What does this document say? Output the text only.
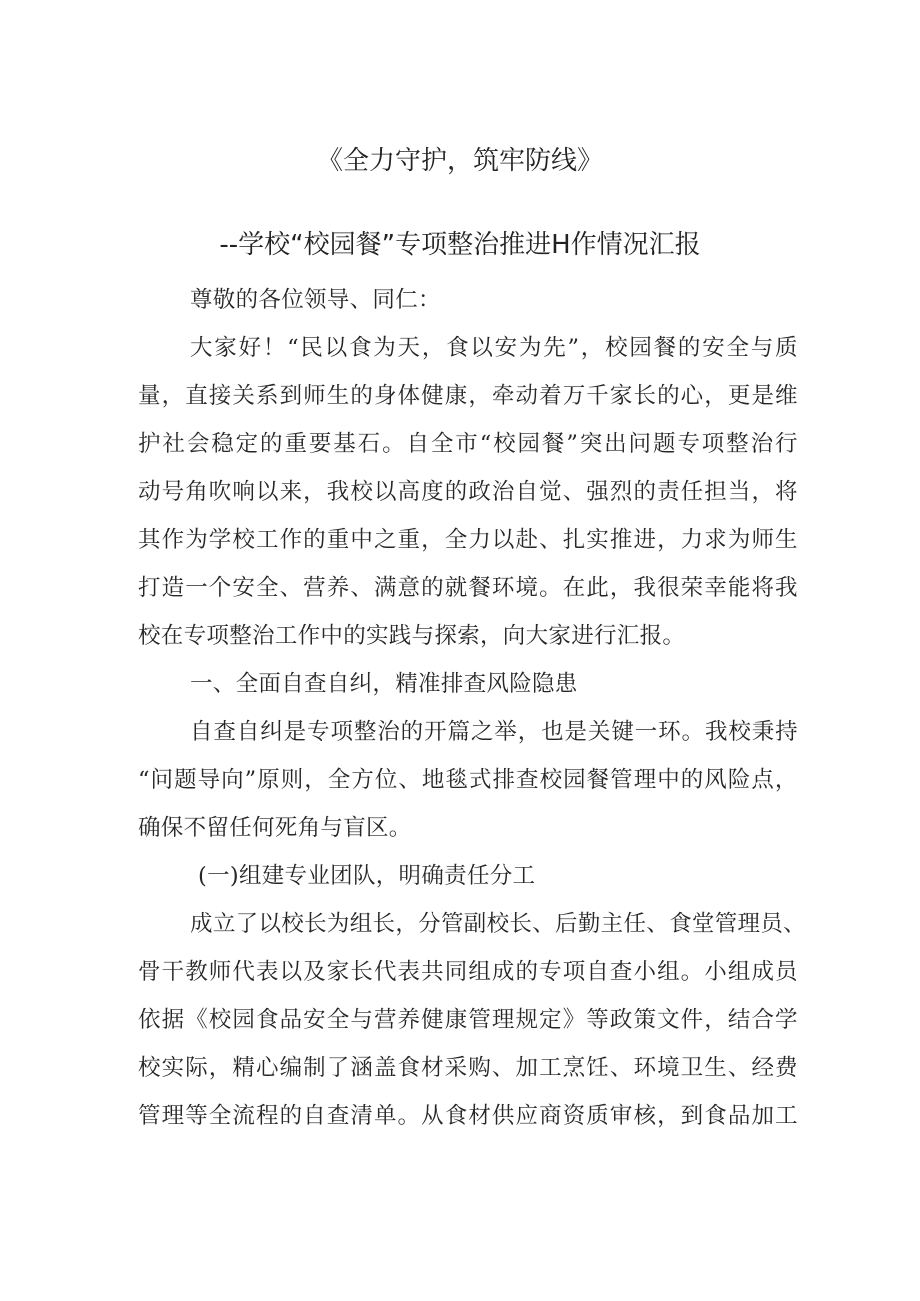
《全力守护，筑牢防线》
--学校“校园餐”专项整治推进H作情况汇报
尊敬的各位领导、同仁：
大 家 好 ！ “ 民 以 食 为 天 ， 食 以 安 为 先 ” ， 校 园 餐 的 安 全 与 质
量 ， 直 接 关 系 到 师 生 的 身 体 健 康 ， 牵 动 着 万 千 家 长 的 心 ， 更 是 维
护 社 会 稳 定 的 重 要 基 石 。 自 全 市 “ 校 园 餐 ” 突 出 问 题 专 项 整 治 行
动 号 角 吹 响 以 来 ， 我 校 以 高 度 的 政 治 自 觉 、 强 烈 的 责 任 担 当 ， 将
其 作 为 学 校 工 作 的 重 中 之 重 ， 全 力 以 赴 、 扎 实 推 进 ， 力 求 为 师 生
打 造 一 个 安 全 、 营 养 、 满 意 的 就 餐 环 境 。 在 此 ， 我 很 荣 幸 能 将 我
校在专项整治工作中的实践与探索，向大家进行汇报。
一、全面自查自纠，精准排查风险隐患
自 查 自 纠 是 专 项 整 治 的 开 篇 之 举 ， 也 是 关 键 一 环 。 我 校 秉 持
“ 问 题 导 向 ” 原 则 ， 全 方 位 、 地 毯 式 排 查 校 园 餐 管 理 中 的 风 险 点 ，
确保不留任何死角与盲区。
(一)组建专业团队，明确责任分工
成 立 了 以 校 长 为 组 长 ， 分 管 副 校 长 、 后 勤 主 任 、 食 堂 管 理 员 、
骨 干 教 师 代 表 以 及 家 长 代 表 共 同 组 成 的 专 项 自 查 小 组 。 小 组 成 员
依 据 《 校 园 食 品 安 全 与 营 养 健 康 管 理 规 定 》 等 政 策 文 件 ， 结 合 学
校 实 际 ， 精 心 编 制 了 涵 盖 食 材 采 购 、 加 工 烹 饪 、 环 境 卫 生 、 经 费
管 理 等 全 流 程 的 自 查 清 单 。 从 食 材 供 应 商 资 质 审 核 ， 到 食 品 加 工
